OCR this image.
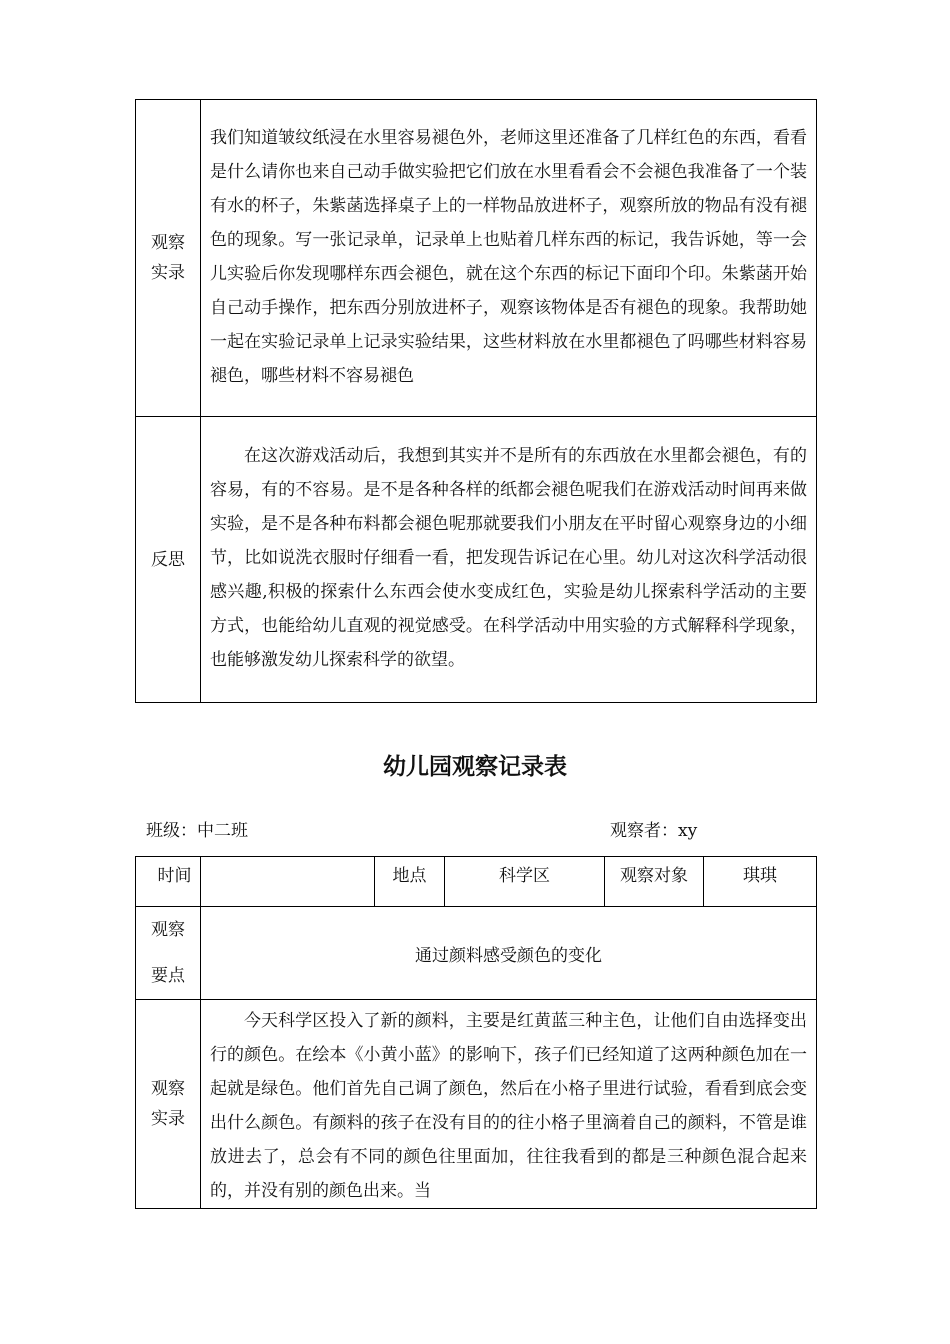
观察
实录	我们知道皱纹纸浸在水里容易褪色外，老师这里还准备了几样红色的东西，看看是什么请你也来自己动手做实验把它们放在水里看看会不会褪色我准备了一个装有水的杯子，朱紫菡选择桌子上的一样物品放进杯子，观察所放的物品有没有褪色的现象。写一张记录单，记录单上也贴着几样东西的标记，我告诉她，等一会儿实验后你发现哪样东西会褪色，就在这个东西的标记下面印个印。朱紫菡开始自己动手操作，把东西分别放进杯子，观察该物体是否有褪色的现象。我帮助她一起在实验记录单上记录实验结果，这些材料放在水里都褪色了吗哪些材料容易褪色，哪些材料不容易褪色
反思	在这次游戏活动后，我想到其实并不是所有的东西放在水里都会褪色，有的容易，有的不容易。是不是各种各样的纸都会褪色呢我们在游戏活动时间再来做实验，是不是各种布料都会褪色呢那就要我们小朋友在平时留心观察身边的小细节，比如说洗衣服时仔细看一看，把发现告诉记在心里。幼儿对这次科学活动很感兴趣,积极的探索什么东西会使水变成红色，实验是幼儿探索科学活动的主要方式，也能给幼儿直观的视觉感受。在科学活动中用实验的方式解释科学现象，也能够激发幼儿探索科学的欲望。
幼儿园观察记录表
班级：中二班	观察者：xy
时间		地点	科学区	观察对象	琪琪

观察
要点	通过颜料感受颜色的变化				

观察
实录	今天科学区投入了新的颜料，主要是红黄蓝三种主色，让他们自由选择变出行的颜色。在绘本《小黄小蓝》的影响下，孩子们已经知道了这两种颜色加在一起就是绿色。他们首先自己调了颜色，然后在小格子里进行试验，看看到底会变出什么颜色。有颜料的孩子在没有目的的往小格子里滴着自己的颜料，不管是谁放进去了，总会有不同的颜色往里面加，往往我看到的都是三种颜色混合起来的，并没有别的颜色出来。当				
